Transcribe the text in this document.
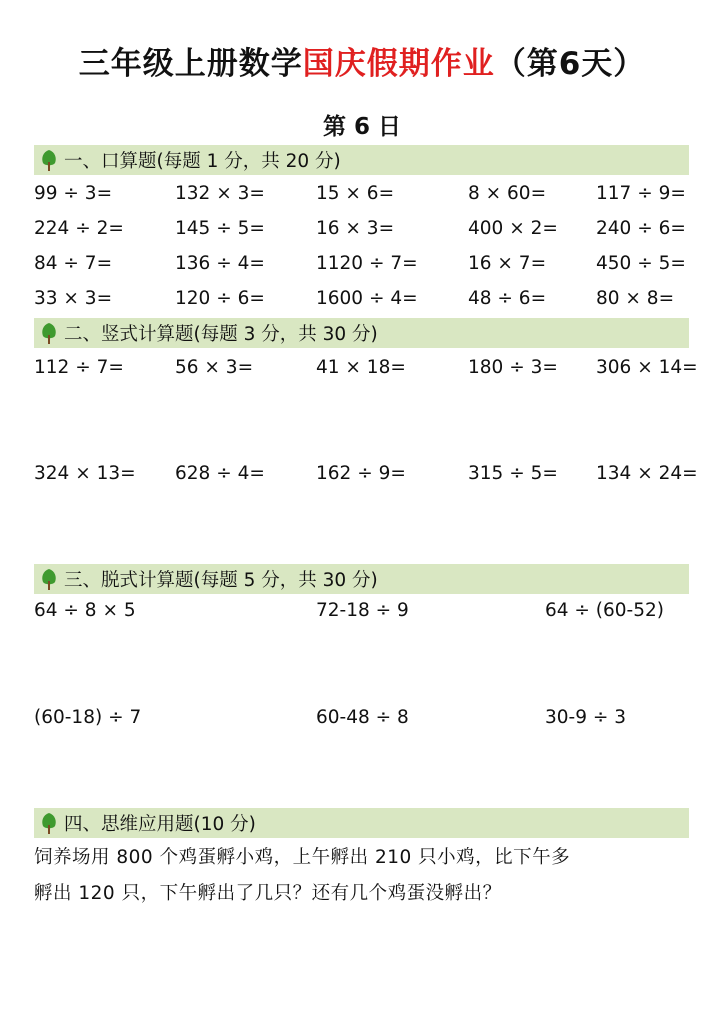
三年级上册数学国庆假期作业（第6天）
第 6 日
一、口算题(每题 1 分，共 20 分)
99 ÷ 3=	132 × 3=	15 × 6=	8 × 60=	117 ÷ 9=
224 ÷ 2=	145 ÷ 5=	16 × 3=	400 × 2= 240 ÷ 6=
84 ÷ 7=	136 ÷ 4=	1120 ÷ 7=	16 × 7=	450 ÷ 5=
33 × 3=	120 ÷ 6=	1600 ÷ 4=	48 ÷ 6=	80 × 8=
二、竖式计算题(每题 3 分，共 30 分)
112 ÷ 7=	56 × 3=	41 × 18=	180 ÷ 3= 306 × 14=
324 × 13= 628 ÷ 4=	162 ÷ 9=	315 ÷ 5= 134 × 24=
三、脱式计算题(每题 5 分，共 30 分)
64 ÷ 8 × 5	72-18 ÷ 9	64 ÷ (60-52)
(60-18) ÷ 7	60-48 ÷ 8	30-9 ÷ 3
四、思维应用题(10 分)
饲养场用 800 个鸡蛋孵小鸡，上午孵出 210 只小鸡，比下午多
孵出 120 只，下午孵出了几只？还有几个鸡蛋没孵出？
